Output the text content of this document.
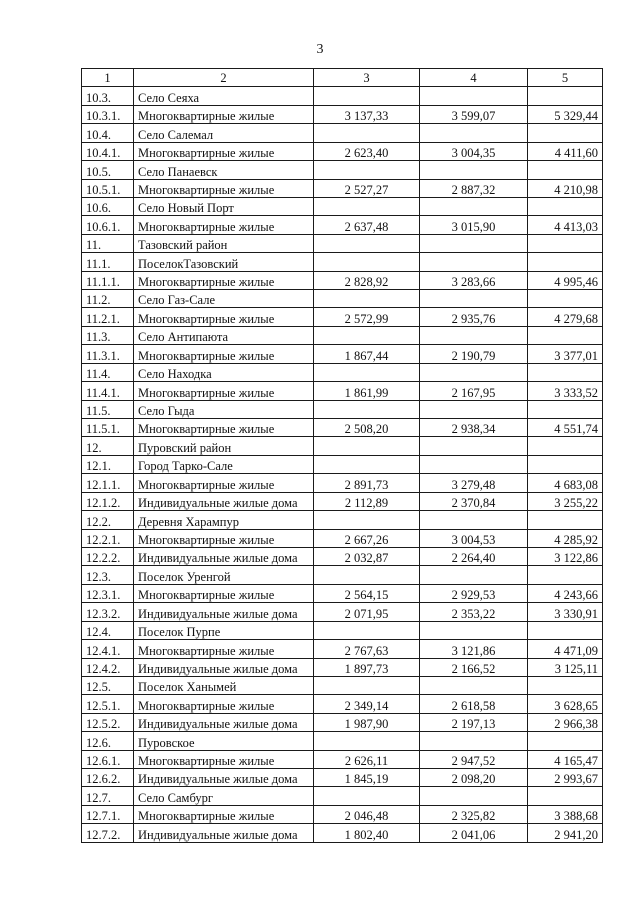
3
1	2	3	4	5
10.3.	Село Сеяха			
10.3.1.	Многоквартирные жилые	3 137,33	3 599,07	5 329,44
10.4.	Село Салемал			
10.4.1.	Многоквартирные жилые	2 623,40	3 004,35	4 411,60
10.5.	Село Панаевск			
10.5.1.	Многоквартирные жилые	2 527,27	2 887,32	4 210,98
10.6.	Село Новый Порт			
10.6.1.	Многоквартирные жилые	2 637,48	3 015,90	4 413,03
11.	Тазовский район			
11.1.	ПоселокТазовский			
11.1.1.	Многоквартирные жилые	2 828,92	3 283,66	4 995,46
11.2.	Село Газ-Сале			
11.2.1.	Многоквартирные жилые	2 572,99	2 935,76	4 279,68
11.3.	Село Антипаюта			
11.3.1.	Многоквартирные жилые	1 867,44	2 190,79	3 377,01
11.4.	Село Находка			
11.4.1.	Многоквартирные жилые	1 861,99	2 167,95	3 333,52
11.5.	Село Гыда			
11.5.1.	Многоквартирные жилые	2 508,20	2 938,34	4 551,74
12.	Пуровский район			
12.1.	Город Тарко-Сале			
12.1.1.	Многоквартирные жилые	2 891,73	3 279,48	4 683,08
12.1.2.	Индивидуальные жилые дома	2 112,89	2 370,84	3 255,22
12.2.	Деревня Харампур			
12.2.1.	Многоквартирные жилые	2 667,26	3 004,53	4 285,92
12.2.2.	Индивидуальные жилые дома	2 032,87	2 264,40	3 122,86
12.3.	Поселок Уренгой			
12.3.1.	Многоквартирные жилые	2 564,15	2 929,53	4 243,66
12.3.2.	Индивидуальные жилые дома	2 071,95	2 353,22	3 330,91
12.4.	Поселок Пурпе			
12.4.1.	Многоквартирные жилые	2 767,63	3 121,86	4 471,09
12.4.2.	Индивидуальные жилые дома	1 897,73	2 166,52	3 125,11
12.5.	Поселок Ханымей			
12.5.1.	Многоквартирные жилые	2 349,14	2 618,58	3 628,65
12.5.2.	Индивидуальные жилые дома	1 987,90	2 197,13	2 966,38
12.6.	Пуровское			
12.6.1.	Многоквартирные жилые	2 626,11	2 947,52	4 165,47
12.6.2.	Индивидуальные жилые дома	1 845,19	2 098,20	2 993,67
12.7.	Село Самбург			
12.7.1.	Многоквартирные жилые	2 046,48	2 325,82	3 388,68
12.7.2.	Индивидуальные жилые дома	1 802,40	2 041,06	2 941,20
